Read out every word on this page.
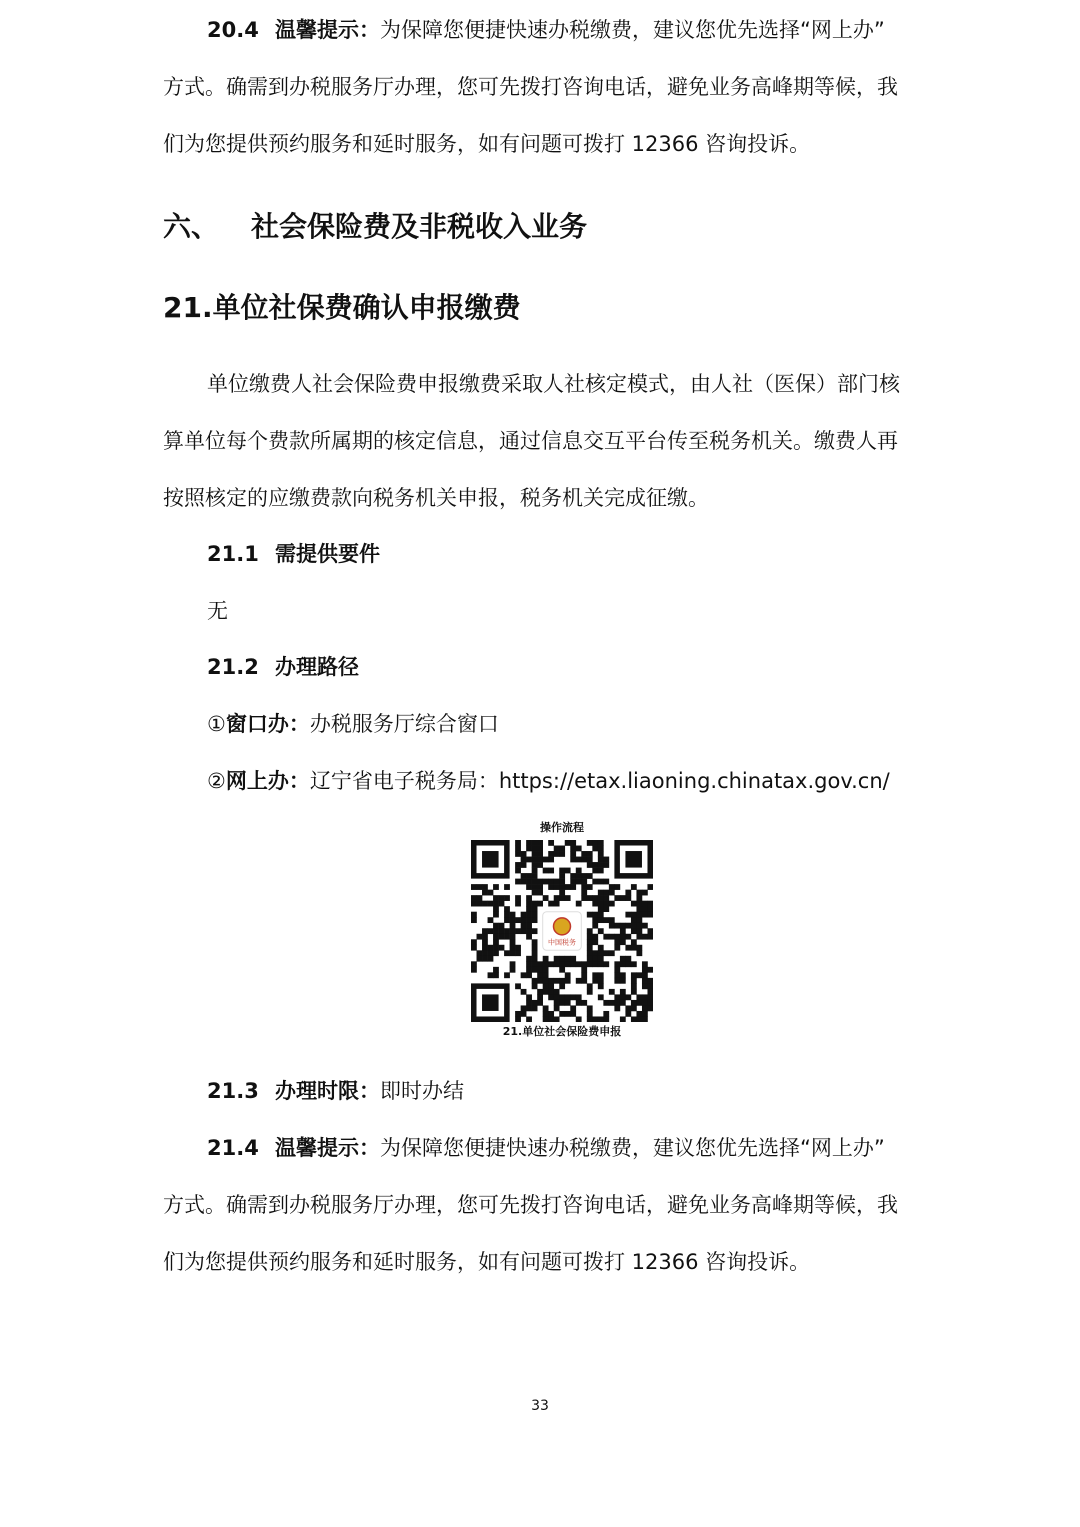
20.4 温馨提示：为保障您便捷快速办税缴费，建议您优先选择“网上办”
方式。确需到办税服务厅办理，您可先拨打咨询电话，避免业务高峰期等候，我
们为您提供预约服务和延时服务，如有问题可拨打 12366 咨询投诉。
六、 社会保险费及非税收入业务
21.单位社保费确认申报缴费
单位缴费人社会保险费申报缴费采取人社核定模式，由人社（医保）部门核
算单位每个费款所属期的核定信息，通过信息交互平台传至税务机关。缴费人再
按照核定的应缴费款向税务机关申报，税务机关完成征缴。
21.1 需提供要件
无
21.2 办理路径
①窗口办：办税服务厅综合窗口
②网上办：辽宁省电子税务局：https://etax.liaoning.chinatax.gov.cn/
操作流程
中国税务
21.单位社会保险费申报
21.3 办理时限：即时办结
21.4 温馨提示：为保障您便捷快速办税缴费，建议您优先选择“网上办”
方式。确需到办税服务厅办理，您可先拨打咨询电话，避免业务高峰期等候，我
们为您提供预约服务和延时服务，如有问题可拨打 12366 咨询投诉。
33
